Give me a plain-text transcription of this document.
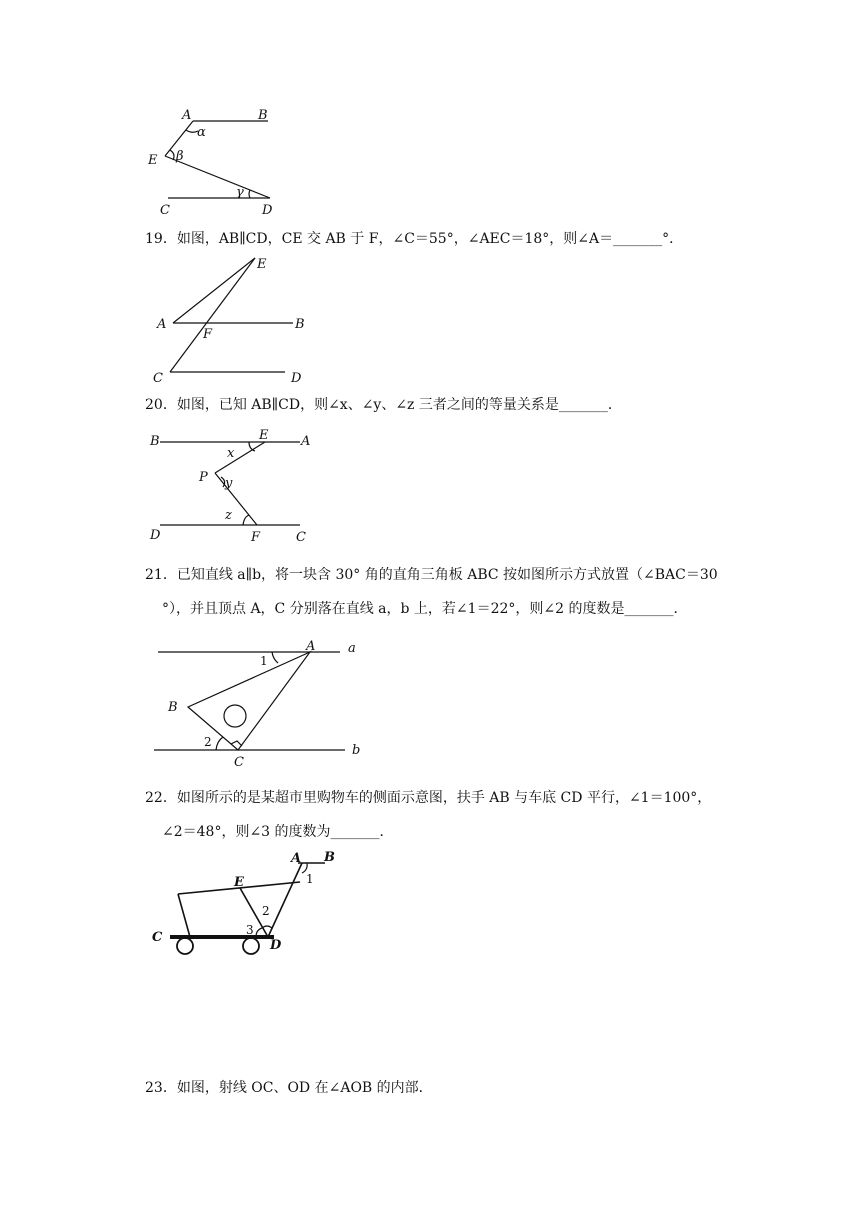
A	B
E
C	D
α
β
γ
19．如图，AB∥CD，CE 交 AB 于 F，∠C＝55°，∠AEC＝18°，则∠A＝_______°．
E
A
F
B
C	D
20．如图，已知 AB∥CD，则∠x、∠y、∠z 三者之间的等量关系是_______．
B	E	A
x
P y
z
D	F	C
21．已知直线 a∥b，将一块含 30° 角的直角三角板 ABC 按如图所示方式放置（∠BAC＝30
°），并且顶点 A，C 分别落在直线 a，b 上，若∠1＝22°，则∠2 的度数是_______．
A	a
1
B
2
C
b
22．如图所示的是某超市里购物车的侧面示意图，扶手 AB 与车底 CD 平行，∠1＝100°，
∠2＝48°，则∠3 的度数为_______．
A B
1
E
2
3
C
D
23．如图，射线 OC、OD 在∠AOB 的内部．
